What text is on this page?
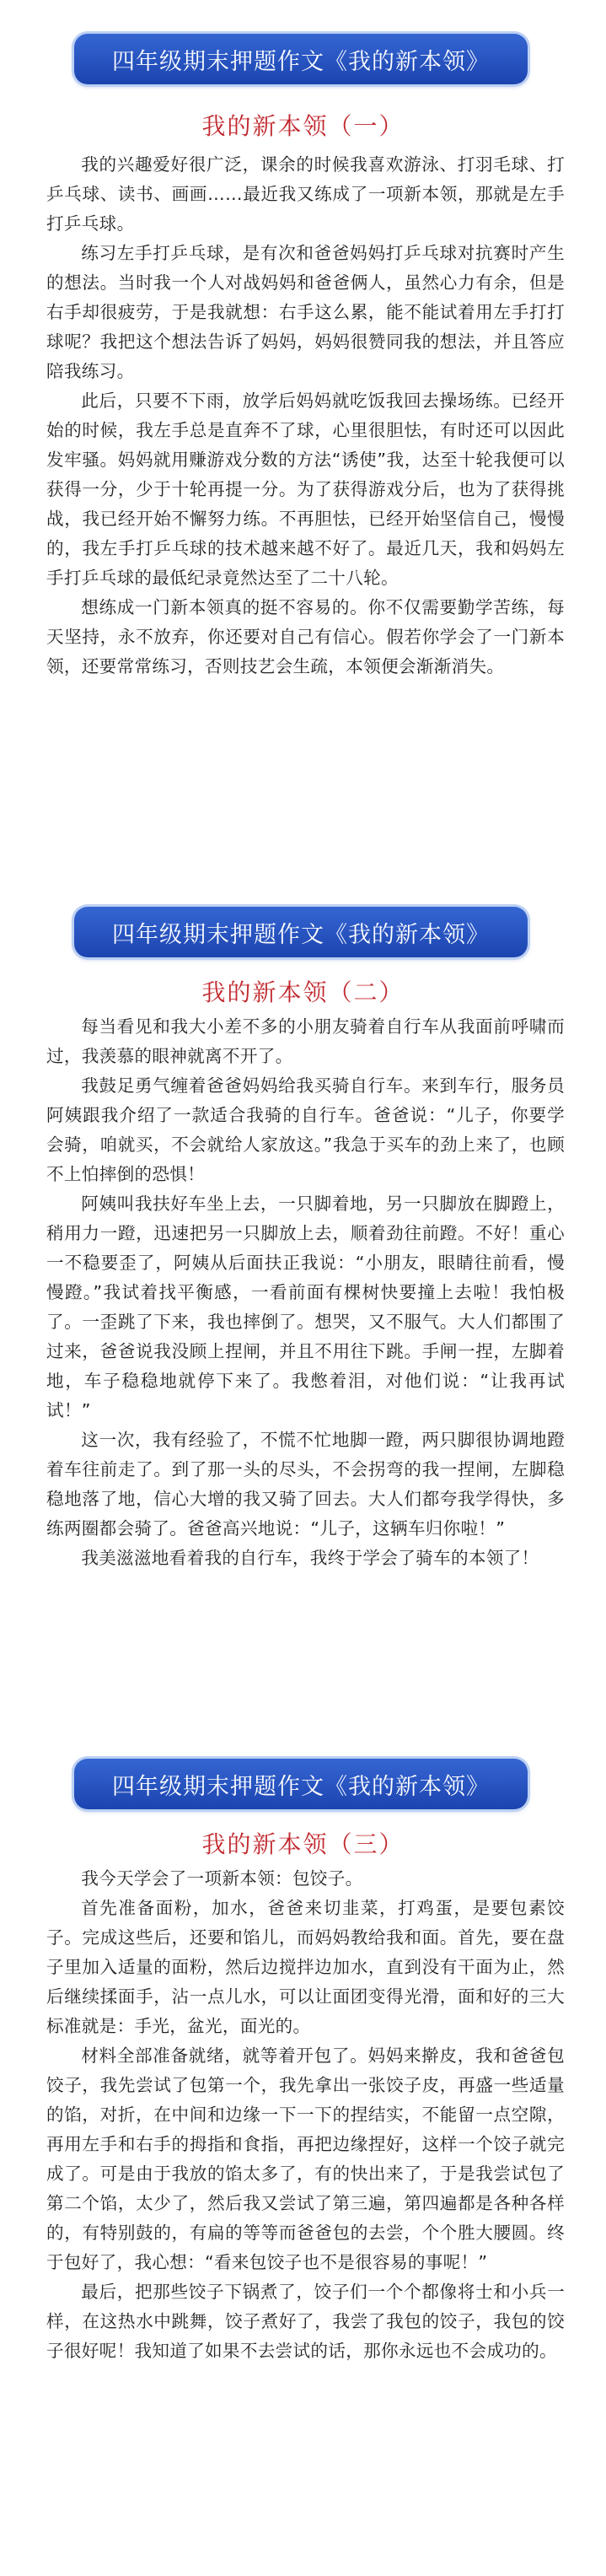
四年级期末押题作文《我的新本领》
我的新本领（一）

我的兴趣爱好很广泛，课余的时候我喜欢游泳、打羽毛球、打乒乓球、读书、画画……最近我又练成了一项新本领，那就是左手打乒乓球。

练习左手打乒乓球，是有次和爸爸妈妈打乒乓球对抗赛时产生的想法。当时我一个人对战妈妈和爸爸俩人，虽然心力有余，但是右手却很疲劳，于是我就想：右手这么累，能不能试着用左手打打球呢？我把这个想法告诉了妈妈，妈妈很赞同我的想法，并且答应陪我练习。

此后，只要不下雨，放学后妈妈就吃饭我回去操场练。已经开始的时候，我左手总是直奔不了球，心里很胆怯，有时还可以因此发牢骚。妈妈就用赚游戏分数的方法“诱使”我，达至十轮我便可以获得一分，少于十轮再提一分。为了获得游戏分后，也为了获得挑战，我已经开始不懈努力练。不再胆怯，已经开始坚信自己，慢慢的，我左手打乒乓球的技术越来越不好了。最近几天，我和妈妈左手打乒乓球的最低纪录竟然达至了二十八轮。

想练成一门新本领真的挺不容易的。你不仅需要勤学苦练，每天坚持，永不放弃，你还要对自己有信心。假若你学会了一门新本领，还要常常练习，否则技艺会生疏，本领便会渐渐消失。

四年级期末押题作文《我的新本领》
我的新本领（二）

每当看见和我大小差不多的小朋友骑着自行车从我面前呼啸而过，我羡慕的眼神就离不开了。

我鼓足勇气缠着爸爸妈妈给我买骑自行车。来到车行，服务员阿姨跟我介绍了一款适合我骑的自行车。爸爸说：“儿子，你要学会骑，咱就买，不会就给人家放这。”我急于买车的劲上来了，也顾不上怕摔倒的恐惧！

阿姨叫我扶好车坐上去，一只脚着地，另一只脚放在脚蹬上，稍用力一蹬，迅速把另一只脚放上去，顺着劲往前蹬。不好！重心一不稳要歪了，阿姨从后面扶正我说：“小朋友，眼睛往前看，慢慢蹬。”我试着找平衡感，一看前面有棵树快要撞上去啦！我怕极了。一歪跳了下来，我也摔倒了。想哭，又不服气。大人们都围了过来，爸爸说我没顾上捏闸，并且不用往下跳。手闸一捏，左脚着地，车子稳稳地就停下来了。我憋着泪，对他们说：“让我再试试！”

这一次，我有经验了，不慌不忙地脚一蹬，两只脚很协调地蹬着车往前走了。到了那一头的尽头，不会拐弯的我一捏闸，左脚稳稳地落了地，信心大增的我又骑了回去。大人们都夸我学得快，多练两圈都会骑了。爸爸高兴地说：“儿子，这辆车归你啦！”

我美滋滋地看着我的自行车，我终于学会了骑车的本领了！

四年级期末押题作文《我的新本领》
我的新本领（三）

我今天学会了一项新本领：包饺子。

首先准备面粉，加水，爸爸来切韭菜，打鸡蛋，是要包素饺子。完成这些后，还要和馅儿，而妈妈教给我和面。首先，要在盘子里加入适量的面粉，然后边搅拌边加水，直到没有干面为止，然后继续揉面手，沾一点儿水，可以让面团变得光滑，面和好的三大标准就是：手光，盆光，面光的。

材料全部准备就绪，就等着开包了。妈妈来擀皮，我和爸爸包饺子，我先尝试了包第一个，我先拿出一张饺子皮，再盛一些适量的馅，对折，在中间和边缘一下一下的捏结实，不能留一点空隙，再用左手和右手的拇指和食指，再把边缘捏好，这样一个饺子就完成了。可是由于我放的馅太多了，有的快出来了，于是我尝试包了第二个馅，太少了，然后我又尝试了第三遍，第四遍都是各种各样的，有特别鼓的，有扁的等等而爸爸包的去尝，个个胜大腰圆。终于包好了，我心想：“看来包饺子也不是很容易的事呢！”

最后，把那些饺子下锅煮了，饺子们一个个都像将士和小兵一样，在这热水中跳舞，饺子煮好了，我尝了我包的饺子，我包的饺子很好呢！我知道了如果不去尝试的话，那你永远也不会成功的。
